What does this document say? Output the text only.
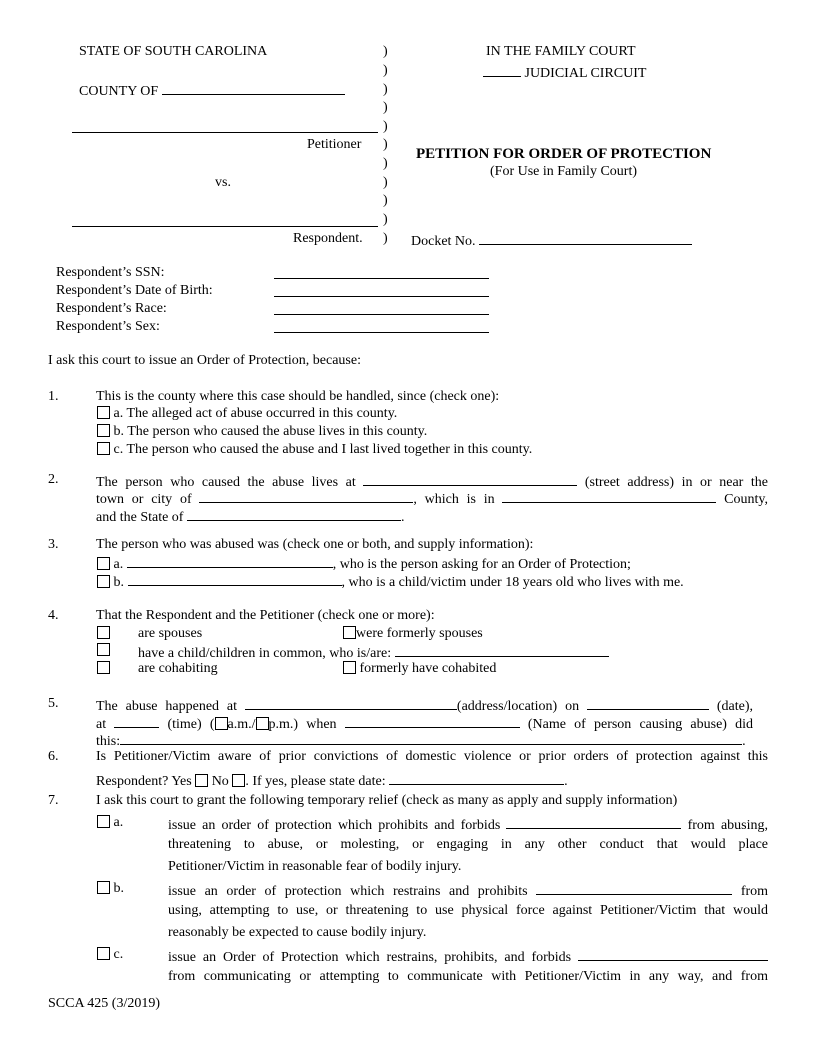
STATE OF SOUTH CAROLINA
COUNTY OF
Petitioner
vs.
Respondent.
)
)
)
)
)
)
)
)
)
)
)
IN THE FAMILY COURT
JUDICIAL CIRCUIT
PETITION FOR ORDER OF PROTECTION
(For Use in Family Court)
Docket No.
Respondent’s SSN:
Respondent’s Date of Birth:
Respondent’s Race:
Respondent’s Sex:
I ask this court to issue an Order of Protection, because:
1.	This is the county where this case should be handled, since (check one):
a. The alleged act of abuse occurred in this county.
b. The person who caused the abuse lives in this county.
c. The person who caused the abuse and I last lived together in this county.
2.	The person who caused the abuse lives at	(street address) in or near the
town or city of	, which is in	County,
and the State of	.
3.	The person who was abused was (check one or both, and supply information):
a.	, who is the person asking for an Order of Protection;
b.	, who is a child/victim under 18 years old who lives with me.
4.	That the Respondent and the Petitioner (check one or more):
are spouses	were formerly spouses
have a child/children in common, who is/are:
are cohabiting	formerly have cohabited
5.	The abuse happened at	(address/location) on	(date),
at	(time) ( a.m./ p.m.) when	(Name of person causing abuse) did
this:	.
6.	Is Petitioner/Victim aware of prior convictions of domestic violence or prior orders of protection against this
Respondent? Yes No . If yes, please state date:	.
7.	I ask this court to grant the following temporary relief (check as many as apply and supply information)
a.	issue an order of protection which prohibits and forbids	from abusing,
threatening to abuse, or molesting, or engaging in any other conduct that would place
Petitioner/Victim in reasonable fear of bodily injury.
b.	issue an order of protection which restrains and prohibits	from
using, attempting to use, or threatening to use physical force against Petitioner/Victim that would
reasonably be expected to cause bodily injury.
c.	issue an Order of Protection which restrains, prohibits, and forbids
from communicating or attempting to communicate with Petitioner/Victim in any way, and from
SCCA 425 (3/2019)
